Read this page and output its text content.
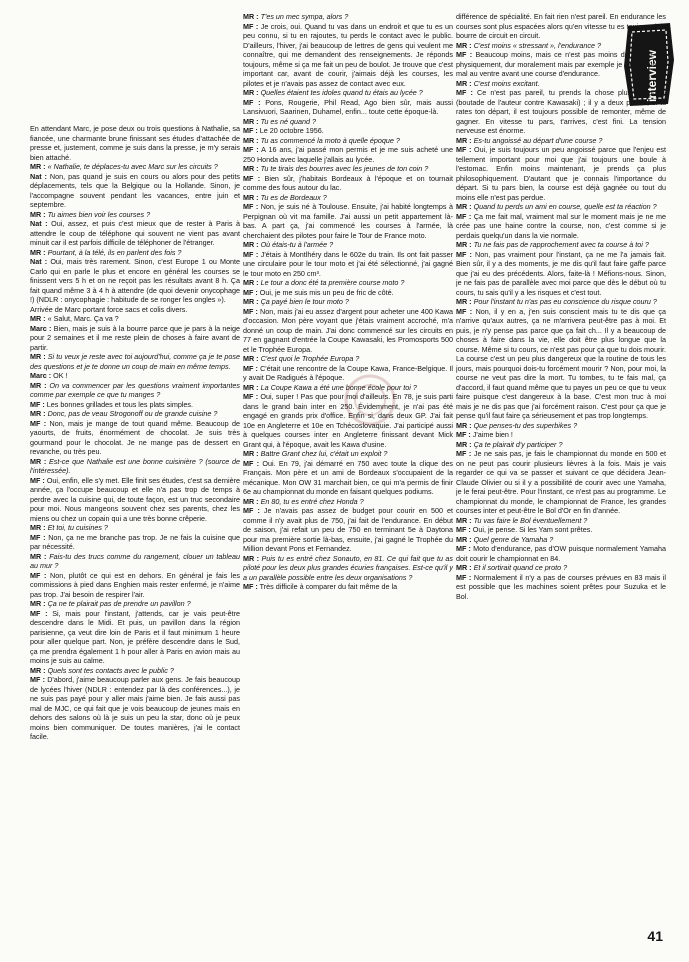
interview

En attendant Marc, je pose deux ou trois questions à Nathalie, sa fiancée, une charmante brune finissant ses études d'attachée de presse et, justement, comme je suis dans la presse, je m'y serais bien attaché.

MR : « Nathalie, te déplaces-tu avec Marc sur les circuits ?

Nat : Non, pas quand je suis en cours ou alors pour des petits déplacements, tels que la Belgique ou la Hollande. Sinon, je l'accompagne souvent pendant les vacances, entre juin et septembre.

MR : Tu aimes bien voir les courses ?

Nat : Oui, assez, et puis c'est mieux que de rester à Paris à attendre le coup de téléphone qui souvent ne vient pas avant minuit car il est parfois difficile de téléphoner de l'étranger.

MR : Pourtant, à la télé, ils en parlent des fois ?

Nat : Oui, mais très rarement. Sinon, c'est Europe 1 ou Monte Carlo qui en parle le plus et encore en général les courses se finissent vers 5 h et on ne reçoit pas les résultats avant 8 h. Ça fait quand même 3 à 4 h à attendre (de quoi devenir onycophage !) (NDLR : onycophagie : habitude de se ronger les ongles »).

Arrivée de Marc portant force sacs et colis divers.

MR : « Salut, Marc. Ça va ?

Marc : Bien, mais je suis à la bourre parce que je pars à la neige pour 2 semaines et il me reste plein de choses à faire avant de partir.

MR : Si tu veux je reste avec toi aujourd'hui, comme ça je te pose des questions et je te donne un coup de main en même temps.

Marc : OK !

MR : On va commencer par les questions vraiment importantes comme par exemple ce que tu manges ?

MF : Les bonnes grillades et tous les plats simples.

MR : Donc, pas de veau Strogonoff ou de grande cuisine ?

MF : Non, mais je mange de tout quand même. Beaucoup de yaourts, de fruits, énormément de chocolat. Je suis très gourmand pour le chocolat. Je ne mange pas de dessert en revanche, ou très peu.

MR : Est-ce que Nathalie est une bonne cuisinière ? (source de l'intéressée).

MF : Oui, enfin, elle s'y met. Elle finit ses études, c'est sa dernière année, ça l'occupe beaucoup et elle n'a pas trop de temps à perdre avec la cuisine qui, de toute façon, est un truc secondaire pour moi. Nous mangeons souvent chez ses parents, chez les miens ou chez un copain qui a une très bonne crêperie.

MR : Et toi, tu cuisines ?

MF : Non, ça ne me branche pas trop. Je ne fais la cuisine que par nécessité.

MR : Fais-tu des trucs comme du rangement, clouer un tableau au mur ?

MF : Non, plutôt ce qui est en dehors. En général je fais les commissions à pied dans Enghien mais rester enfermé, je n'aime pas trop. J'ai besoin de respirer l'air.

MR : Ça ne te plairait pas de prendre un pavillon ?

MF : Si, mais pour l'instant, j'attends, car je vais peut-être descendre dans le Midi. Et puis, un pavillon dans la région parisienne, ça veut dire loin de Paris et il faut minimum 1 heure pour aller quelque part. Non, je préfère descendre dans le Sud, ça me prendra également 1 h pour aller à Paris en avion mais au moins je suis au calme.

MR : Quels sont tes contacts avec le public ?

MF : D'abord, j'aime beaucoup parler aux gens. Je fais beaucoup de lycées l'hiver (NDLR : entendez par là des conférences...), je ne suis pas payé pour y aller mais j'aime bien. Je fais aussi pas mal de MJC, ce qui fait que je vois beaucoup de jeunes mais en dehors des salons où là je suis un peu la star, donc où je peux moins bien communiquer. De toutes manières, j'ai le contact facile.

MR : T'es un mec sympa, alors ?

MF : Je crois, oui. Quand tu vas dans un endroit et que tu es un peu connu, si tu en rajoutes, tu perds le contact avec le public. D'ailleurs, l'hiver, j'ai beaucoup de lettres de gens qui veulent me connaître, qui me demandent des renseignements. Je réponds toujours, même si ça me fait un peu de boulot. Je trouve que c'est important car, avant de courir, j'aimais déjà les courses, les pilotes et je n'avais pas assez de contact avec eux.

MR : Quelles étaient tes idoles quand tu étais au lycée ?

MF : Pons, Rougerie, Phil Read, Ago bien sûr, mais aussi Lansivuori, Saarinen, Duhamel, enfin... toute cette époque-là.

MR : Tu es né quand ?

MF : Le 20 octobre 1956.

MR : Tu as commencé la moto à quelle époque ?

MF : A 16 ans, j'ai passé mon permis et je me suis acheté une 250 Honda avec laquelle j'allais au lycée.

MR : Tu te tirais des bourres avec les jeunes de ton coin ?

MF : Bien sûr, j'habitais Bordeaux à l'époque et on tournait comme des fous autour du lac.

MR : Tu es de Bordeaux ?

MF : Non, je suis né à Toulouse. Ensuite, j'ai habité longtemps à Perpignan où vit ma famille. J'ai aussi un petit appartement là-bas. A part ça, j'ai commencé les courses à l'armée, là cherchaient des pilotes pour faire le Tour de France moto.

MR : Où étais-tu à l'armée ?

MF : J'étais à Montlhéry dans le 602e du train. Ils ont fait passer une circulaire pour le tour moto et j'ai été sélectionné, j'ai gagné le tour moto en 250 cm³.

MR : Le tour a donc été ta première course moto ?

MF : Oui, je me suis mis un peu de fric de côté.

MR : Ça payé bien le tour moto ?

MF : Non, mais j'ai eu assez d'argent pour acheter une 400 Kawa d'occasion. Mon père voyant que j'étais vraiment accroché, m'a donné un coup de main. J'ai donc commencé sur les circuits en 77 en gagnant d'entrée la Coupe Kawasaki, les Promosports 500 et le Trophée Europa.

MR : C'est quoi le Trophée Europa ?

MF : C'était une rencontre de la Coupe Kawa, France-Belgique. Il y avait De Radigués à l'époque.

MR : La Coupe Kawa a été une bonne école pour toi ?

MF : Oui, super ! Pas que pour moi d'ailleurs. En 78, je suis parti dans le grand bain inter en 250. Évidemment, je n'ai pas été engagé en grands prix d'office. Enfin si, dans deux GP. J'ai fait 10e en Angleterre et 10e en Tchécoslovaquie. J'ai participé aussi à quelques courses inter en Angleterre finissant devant Mick Grant qui, à l'époque, avait les Kawa d'usine.

MR : Battre Grant chez lui, c'était un exploit ?

MF : Oui. En 79, j'ai démarré en 750 avec toute la clique des Français. Mon père et un ami de Bordeaux s'occupaient de la mécanique. Mon OW 31 marchait bien, ce qui m'a permis de finir 6e au championnat du monde en faisant quelques podiums.

MR : En 80, tu es entré chez Honda ?

MF : Je n'avais pas assez de budget pour courir en 500 et comme il n'y avait plus de 750, j'ai fait de l'endurance. En début de saison, j'ai refait un peu de 750 en terminant 5e à Daytona pour ma première sortie là-bas, ensuite, j'ai gagné le Trophée du Million devant Pons et Fernandez.

MR : Puis tu es entré chez Sonauto, en 81. Ce qui fait que tu as piloté pour les deux plus grandes écuries françaises. Est-ce qu'il y a un parallèle possible entre les deux organisations ?

MF : Très difficile à comparer du fait même de la

différence de spécialité. En fait rien n'est pareil. En endurance les courses sont plus espacées alors qu'en vitesse tu es toujours à la bourre de circuit en circuit.

MR : C'est moins « stressant », l'endurance ?

MF : Beaucoup moins, mais ce n'est pas moins dur. C'est dur physiquement, dur moralement mais par exemple je j'ai jamais eu mal au ventre avant une course d'endurance.

MR : C'est moins excitant.

MF : Ce n'est pas pareil, tu prends la chose plus « Kool » (boutade de l'auteur contre Kawasaki) ; il y a deux pilotes, si tu rates ton départ, il est toujours possible de remonter, même de gagner. En vitesse tu pars, t'arrives, c'est fini. La tension nerveuse est énorme.

MR : Es-tu angoissé au départ d'une course ?

MF : Oui, je suis toujours un peu angoissé parce que l'enjeu est tellement important pour moi que j'ai toujours une boule à l'estomac. Enfin moins maintenant, je prends ça plus philosophiquement. D'autant que je connais l'importance du départ. Si tu pars bien, la course est déjà gagnée ou tout du moins elle n'est pas perdue.

MR : Quand tu perds un ami en course, quelle est ta réaction ?

MF : Ça me fait mal, vraiment mal sur le moment mais je ne me crée pas une haine contre la course, non, c'est comme si je perdais quelqu'un dans la vie normale.

MR : Tu ne fais pas de rapprochement avec ta course à toi ?

MF : Non, pas vraiment pour l'instant, ça ne me l'a jamais fait. Bien sûr, il y a des moments, je me dis qu'il faut faire gaffe parce que j'ai eu des précédents. Alors, faite-là ! Méfions-nous. Sinon, je ne fais pas de parallèle avec moi parce que dès le début où tu cours, tu sais qu'il y a les risques et c'est tout.

MR : Pour l'instant tu n'as pas eu conscience du risque couru ?

MF : Non, il y en a, j'en suis conscient mais tu te dis que ça n'arrive qu'aux autres, ça ne m'arrivera peut-être pas à moi. Et puis, je n'y pense pas parce que ça fait ch... Il y a beaucoup de choses à faire dans la vie, elle doit être plus longue que la course. Même si tu cours, ce n'est pas pour ça que tu dois mourir. La course c'est un peu plus dangereux que la routine de tous les jours, mais pourquoi dois-tu forcément mourir ? Non, pour moi, la course ne veut pas dire la mort. Tu tombes, tu te fais mal, ça d'accord, il faut quand même que tu payes un peu ce que tu veux faire puisque c'est dangereux à la base. C'est mon truc à moi mais je ne dis pas que j'ai forcément raison. C'est pour ça que je pense qu'il faut faire ça sérieusement et pas trop longtemps.

MR : Que penses-tu des superbikes ?

MF : J'aime bien !

MR : Ça te plairait d'y participer ?

MF : Je ne sais pas, je fais le championnat du monde en 500 et on ne peut pas courir plusieurs lièvres à la fois. Mais je vais regarder ce qui va se passer et suivant ce que décidera Jean-Claude Olivier ou si il y a possibilité de courir avec une Yamaha, je le ferai peut-être. Pour l'instant, ce n'est pas au programme. Le championnat du monde, le championnat de France, les grandes courses inter et peut-être le Bol d'Or en fin d'année.

MR : Tu vas faire le Bol éventuellement ?

MF : Oui, je pense. Si les Yam sont prêtes.

MR : Quel genre de Yamaha ?

MF : Moto d'endurance, pas d'OW puisque normalement Yamaha doit courir le championnat en 84.

MR : Et il sortirait quand ce proto ?

MF : Normalement il n'y a pas de courses prévues en 83 mais il est possible que les machines soient prêtes pour Suzuka et le Bol.

41
